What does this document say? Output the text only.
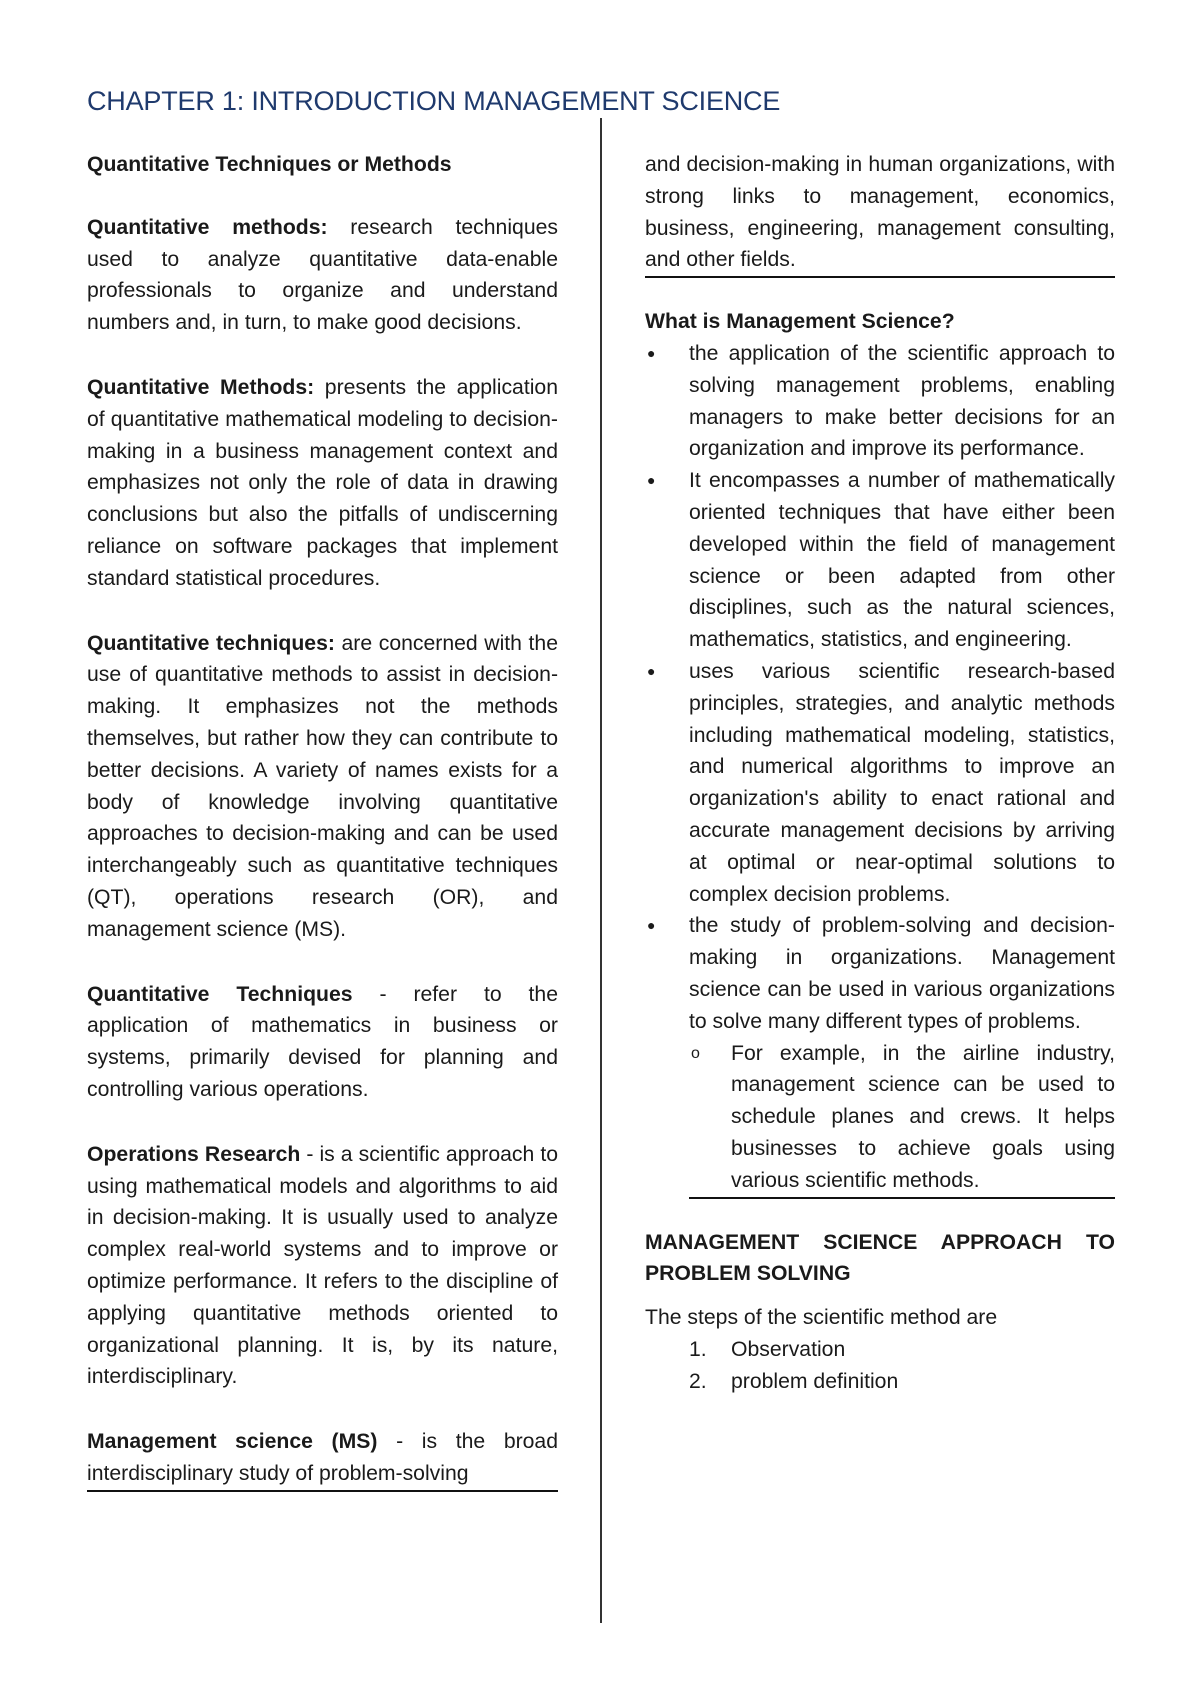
CHAPTER 1: INTRODUCTION MANAGEMENT SCIENCE
Quantitative Techniques or Methods

Quantitative methods: research techniques used to analyze quantitative data-enable professionals to organize and understand numbers and, in turn, to make good decisions.

Quantitative Methods: presents the application of quantitative mathematical modeling to decision-making in a business management context and emphasizes not only the role of data in drawing conclusions but also the pitfalls of undiscerning reliance on software packages that implement standard statistical procedures.

Quantitative techniques: are concerned with the use of quantitative methods to assist in decision-making. It emphasizes not the methods themselves, but rather how they can contribute to better decisions. A variety of names exists for a body of knowledge involving quantitative approaches to decision-making and can be used interchangeably such as quantitative techniques (QT), operations research (OR), and management science (MS).

Quantitative Techniques - refer to the application of mathematics in business or systems, primarily devised for planning and controlling various operations.

Operations Research - is a scientific approach to using mathematical models and algorithms to aid in decision-making. It is usually used to analyze complex real-world systems and to improve or optimize performance. It refers to the discipline of applying quantitative methods oriented to organizational planning. It is, by its nature, interdisciplinary.

Management science (MS) - is the broad interdisciplinary study of problem-solving

and decision-making in human organizations, with strong links to management, economics, business, engineering, management consulting, and other fields.

What is Management Science?
● the application of the scientific approach to solving management problems, enabling managers to make better decisions for an organization and improve its performance.
● It encompasses a number of mathematically oriented techniques that have either been developed within the field of management science or been adapted from other disciplines, such as the natural sciences, mathematics, statistics, and engineering.
● uses various scientific research-based principles, strategies, and analytic methods including mathematical modeling, statistics, and numerical algorithms to improve an organization's ability to enact rational and accurate management decisions by arriving at optimal or near-optimal solutions to complex decision problems.
● the study of problem-solving and decision-making in organizations. Management science can be used in various organizations to solve many different types of problems.
o For example, in the airline industry, management science can be used to schedule planes and crews. It helps businesses to achieve goals using various scientific methods.
MANAGEMENT SCIENCE APPROACH TO PROBLEM SOLVING
The steps of the scientific method are
1. Observation
2. problem definition
